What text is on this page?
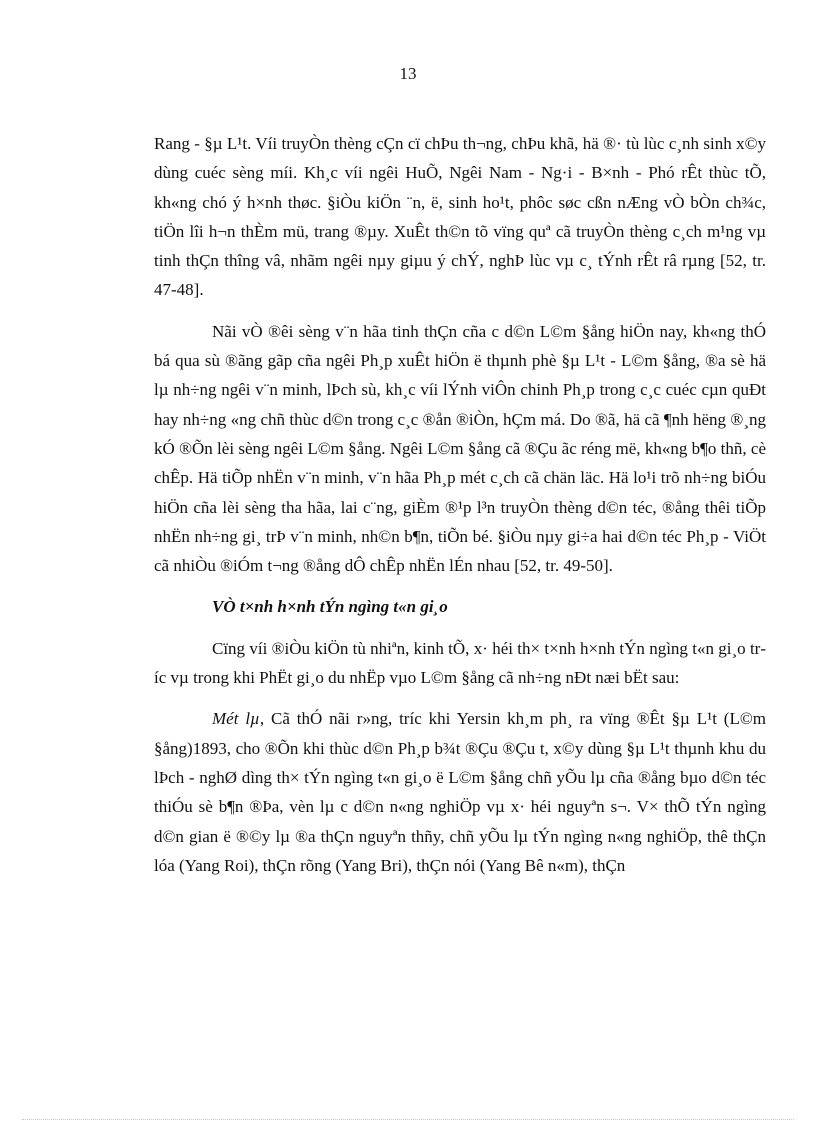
13

Rang - §µ L¹t. Víi truyÒn thèng cÇn cï chÞu th¬ng, chÞu khã, hä ®· tù lùc c¸nh sinh x©y dùng cuéc sèng míi. Kh¸c víi ngêi HuÕ, Ngêi Nam - Ng·i - B×nh - Phó rÊt thùc tÕ, kh«ng chó ý h×nh thøc. §iÒu kiÖn ¨n, ë, sinh ho¹t, phôc søc cßn nÆng vÒ bÒn ch¾c, tiÖn lîi h¬n thÈm mü, trang ®µy. XuÊt th©n tõ vïng quª cã truyÒn thèng c¸ch m¹ng vµ tinh thÇn thîng vâ, nhãm ngêi nµy giµu ý chÝ, nghÞ lùc vµ c¸ tÝnh rÊt râ rµng [52, tr. 47-48].

Nãi vÒ ®êi sèng v¨n hãa tinh thÇn cña c d©n L©m §ång hiÖn nay, kh«ng thÓ bá qua sù ®ãng gãp cña ngêi Ph¸p xuÊt hiÖn ë thµnh phè §µ L¹t - L©m §ång, ®a sè hä lµ nh÷ng ngêi v¨n minh, lÞch sù, kh¸c víi lÝnh viÔn chinh Ph¸p trong c¸c cuéc cµn quÐt hay nh÷ng «ng chñ thùc d©n trong c¸c ®ån ®iÒn, hÇm má. Do ®ã, hä cã ¶nh hëng ®¸ng kÓ ®Õn lèi sèng ngêi L©m §ång. Ngêi L©m §ång cã ®Çu ãc réng më, kh«ng b¶o thñ, cè chÊp. Hä tiÕp nhËn v¨n minh, v¨n hãa Ph¸p mét c¸ch cã chän läc. Hä lo¹i trõ nh÷ng biÓu hiÖn cña lèi sèng tha hãa, lai c¨ng, giÈm ®¹p l³n truyÒn thèng d©n téc, ®ång thêi tiÕp nhËn nh÷ng gi¸ trÞ v¨n minh, nh©n b¶n, tiÕn bé. §iÒu nµy gi÷a hai d©n téc Ph¸p - ViÖt cã nhiÒu ®iÓm t¬ng ®ång dÔ chÊp nhËn lÉn nhau [52, tr. 49-50].

VÒ t×nh h×nh tÝn ngìng t«n gi¸o

Cïng víi ®iÒu kiÖn tù nhiªn, kinh tÕ, x· héi th× t×nh h×nh tÝn ngìng t«n gi¸o tríc vµ trong khi PhËt gi¸o du nhËp vµo L©m §ång cã nh÷ng nÐt næi bËt sau:

Mét lµ, Cã thÓ nãi r»ng, tríc khi Yersin kh¸m ph¸ ra vïng ®Êt §µ L¹t (L©m §ång)1893, cho ®Õn khi thùc d©n Ph¸p b¾t ®Çu ®Çu t, x©y dùng §µ L¹t thµnh khu du lÞch - nghØ dìng th× tÝn ngìng t«n gi¸o ë L©m §ång chñ yÕu lµ cña ®ång bµo d©n téc thiÓu sè b¶n ®Þa, vèn lµ c d©n n«ng nghiÖp vµ x· héi nguyªn s¬. V× thÕ tÝn ngìng d©n gian ë ®©y lµ ®a thÇn nguyªn thñy, chñ yÕu lµ tÝn ngìng n«ng nghiÖp, thê thÇn lóa (Yang Roi), thÇn rõng (Yang Bri), thÇn nói (Yang Bê n«m), thÇn
